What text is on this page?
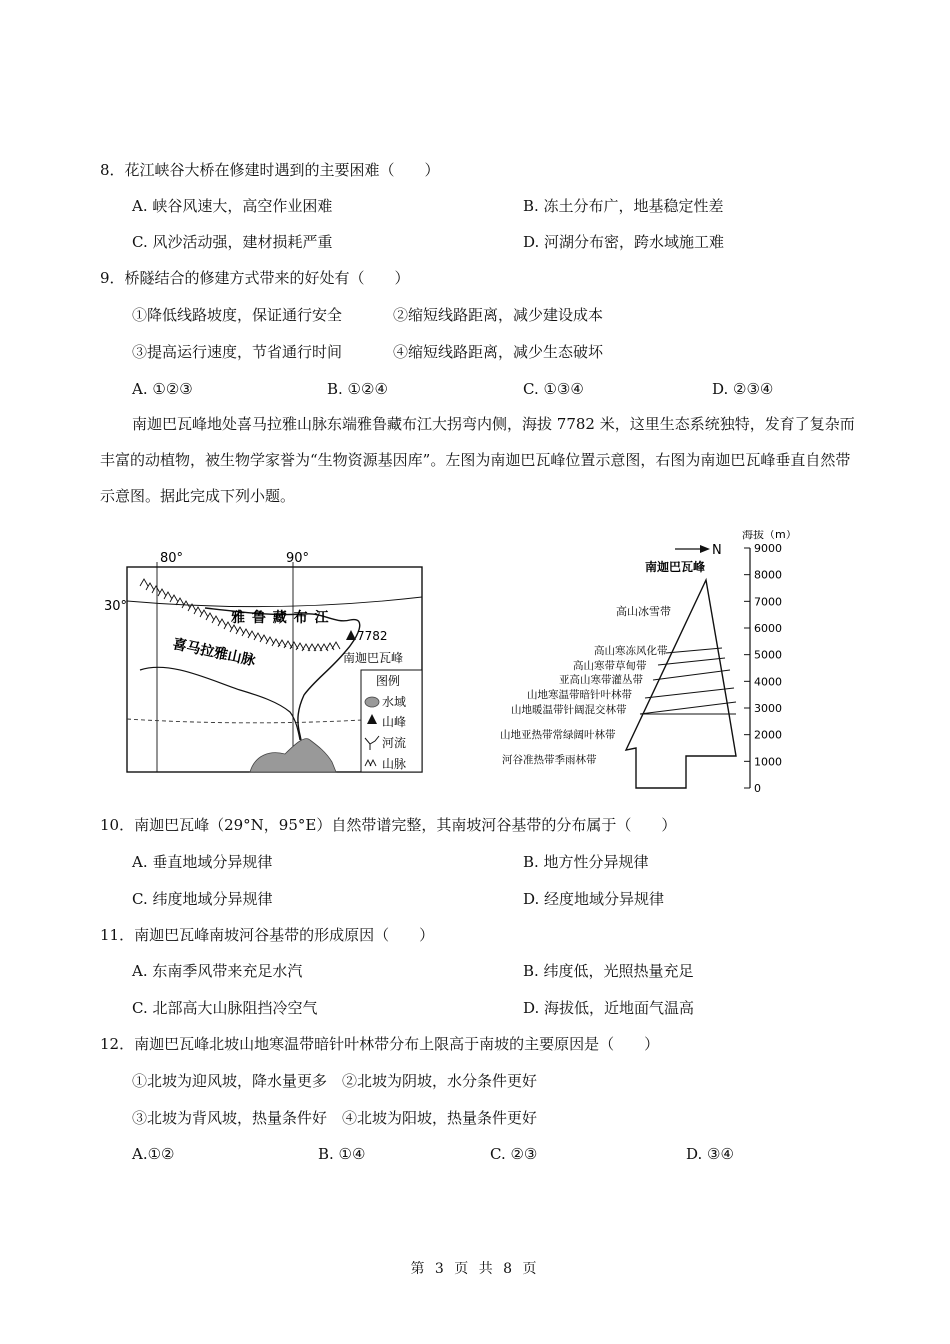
8．花江峡谷大桥在修建时遇到的主要困难（　　）
A. 峡谷风速大，高空作业困难	B. 冻土分布广，地基稳定性差
C. 风沙活动强，建材损耗严重	D. 河湖分布密，跨水域施工难
9．桥隧结合的修建方式带来的好处有（　　）
①降低线路坡度，保证通行安全	②缩短线路距离，减少建设成本
③提高运行速度，节省通行时间	④缩短线路距离，减少生态破坏
A. ①②③	B. ①②④	C. ①③④	D. ②③④
南迦巴瓦峰地处喜马拉雅山脉东端雅鲁藏布江大拐弯内侧，海拔 7782 米，这里生态系统独特，发育了复杂而丰富的动植物，被生物学家誉为“生物资源基因库”。左图为南迦巴瓦峰位置示意图，右图为南迦巴瓦峰垂直自然带示意图。据此完成下列小题。
80°	90°
30°
雅 鲁 藏 布 江
喜马拉雅山脉
7782
南迦巴瓦峰
图例
水域
山峰
河流
山脉
N
南迦巴瓦峰
海拔（m）
9000
8000
7000
6000
5000
4000
3000
2000
1000
0
高山冰雪带
高山寒冻风化带
高山寒带草甸带
亚高山寒带灌丛带
山地寒温带暗针叶林带
山地暖温带针阔混交林带
山地亚热带常绿阔叶林带
河谷准热带季雨林带
10．南迦巴瓦峰（29°N，95°E）自然带谱完整，其南坡河谷基带的分布属于（　　）
A. 垂直地域分异规律	B. 地方性分异规律
C. 纬度地域分异规律	D. 经度地域分异规律
11．南迦巴瓦峰南坡河谷基带的形成原因（　　）
A. 东南季风带来充足水汽	B. 纬度低，光照热量充足
C. 北部高大山脉阻挡冷空气	D. 海拔低，近地面气温高
12．南迦巴瓦峰北坡山地寒温带暗针叶林带分布上限高于南坡的主要原因是（　　）
①北坡为迎风坡，降水量更多　②北坡为阴坡，水分条件更好
③北坡为背风坡，热量条件好　④北坡为阳坡，热量条件更好
A.①②	B. ①④	C. ②③	D. ③④
第 3 页 共 8 页
